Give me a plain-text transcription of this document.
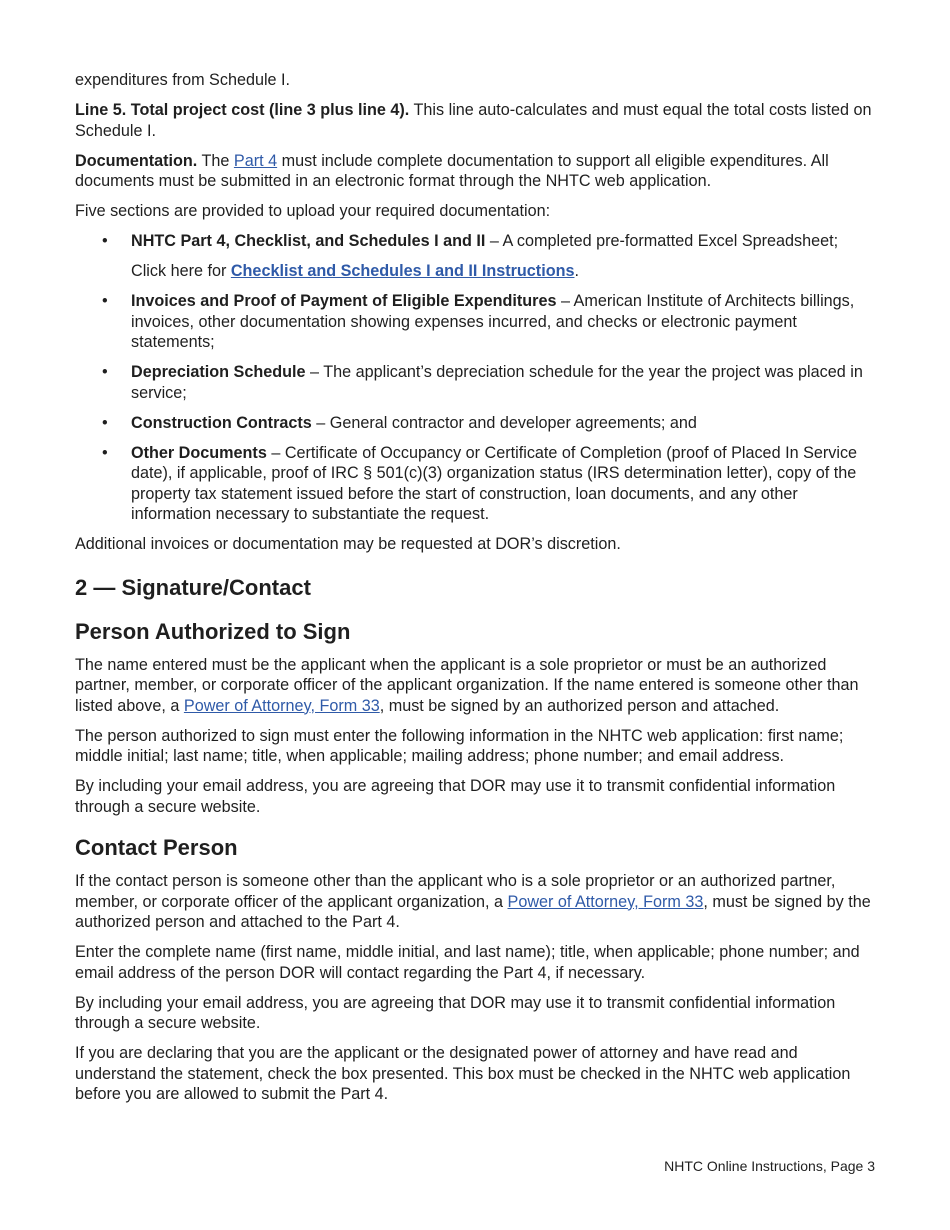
expenditures from Schedule I.

Line 5. Total project cost (line 3 plus line 4). This line auto-calculates and must equal the total costs listed on Schedule I.

Documentation. The Part 4 must include complete documentation to support all eligible expenditures. All documents must be submitted in an electronic format through the NHTC web application.

Five sections are provided to upload your required documentation:

• NHTC Part 4, Checklist, and Schedules I and II – A completed pre-formatted Excel Spreadsheet;
Click here for Checklist and Schedules I and II Instructions.
• Invoices and Proof of Payment of Eligible Expenditures – American Institute of Architects billings, invoices, other documentation showing expenses incurred, and checks or electronic payment statements;
• Depreciation Schedule – The applicant’s depreciation schedule for the year the project was placed in service;
• Construction Contracts – General contractor and developer agreements; and
• Other Documents – Certificate of Occupancy or Certificate of Completion (proof of Placed In Service date), if applicable, proof of IRC § 501(c)(3) organization status (IRS determination letter), copy of the property tax statement issued before the start of construction, loan documents, and any other information necessary to substantiate the request.

Additional invoices or documentation may be requested at DOR’s discretion.

2 — Signature/Contact
Person Authorized to Sign

The name entered must be the applicant when the applicant is a sole proprietor or must be an authorized partner, member, or corporate officer of the applicant organization. If the name entered is someone other than listed above, a Power of Attorney, Form 33, must be signed by an authorized person and attached.

The person authorized to sign must enter the following information in the NHTC web application: first name; middle initial; last name; title, when applicable; mailing address; phone number; and email address.

By including your email address, you are agreeing that DOR may use it to transmit confidential information through a secure website.

Contact Person

If the contact person is someone other than the applicant who is a sole proprietor or an authorized partner, member, or corporate officer of the applicant organization, a Power of Attorney, Form 33, must be signed by the authorized person and attached to the Part 4.

Enter the complete name (first name, middle initial, and last name); title, when applicable; phone number; and email address of the person DOR will contact regarding the Part 4, if necessary.

By including your email address, you are agreeing that DOR may use it to transmit confidential information through a secure website.

If you are declaring that you are the applicant or the designated power of attorney and have read and understand the statement, check the box presented. This box must be checked in the NHTC web application before you are allowed to submit the Part 4.

NHTC Online Instructions, Page 3
